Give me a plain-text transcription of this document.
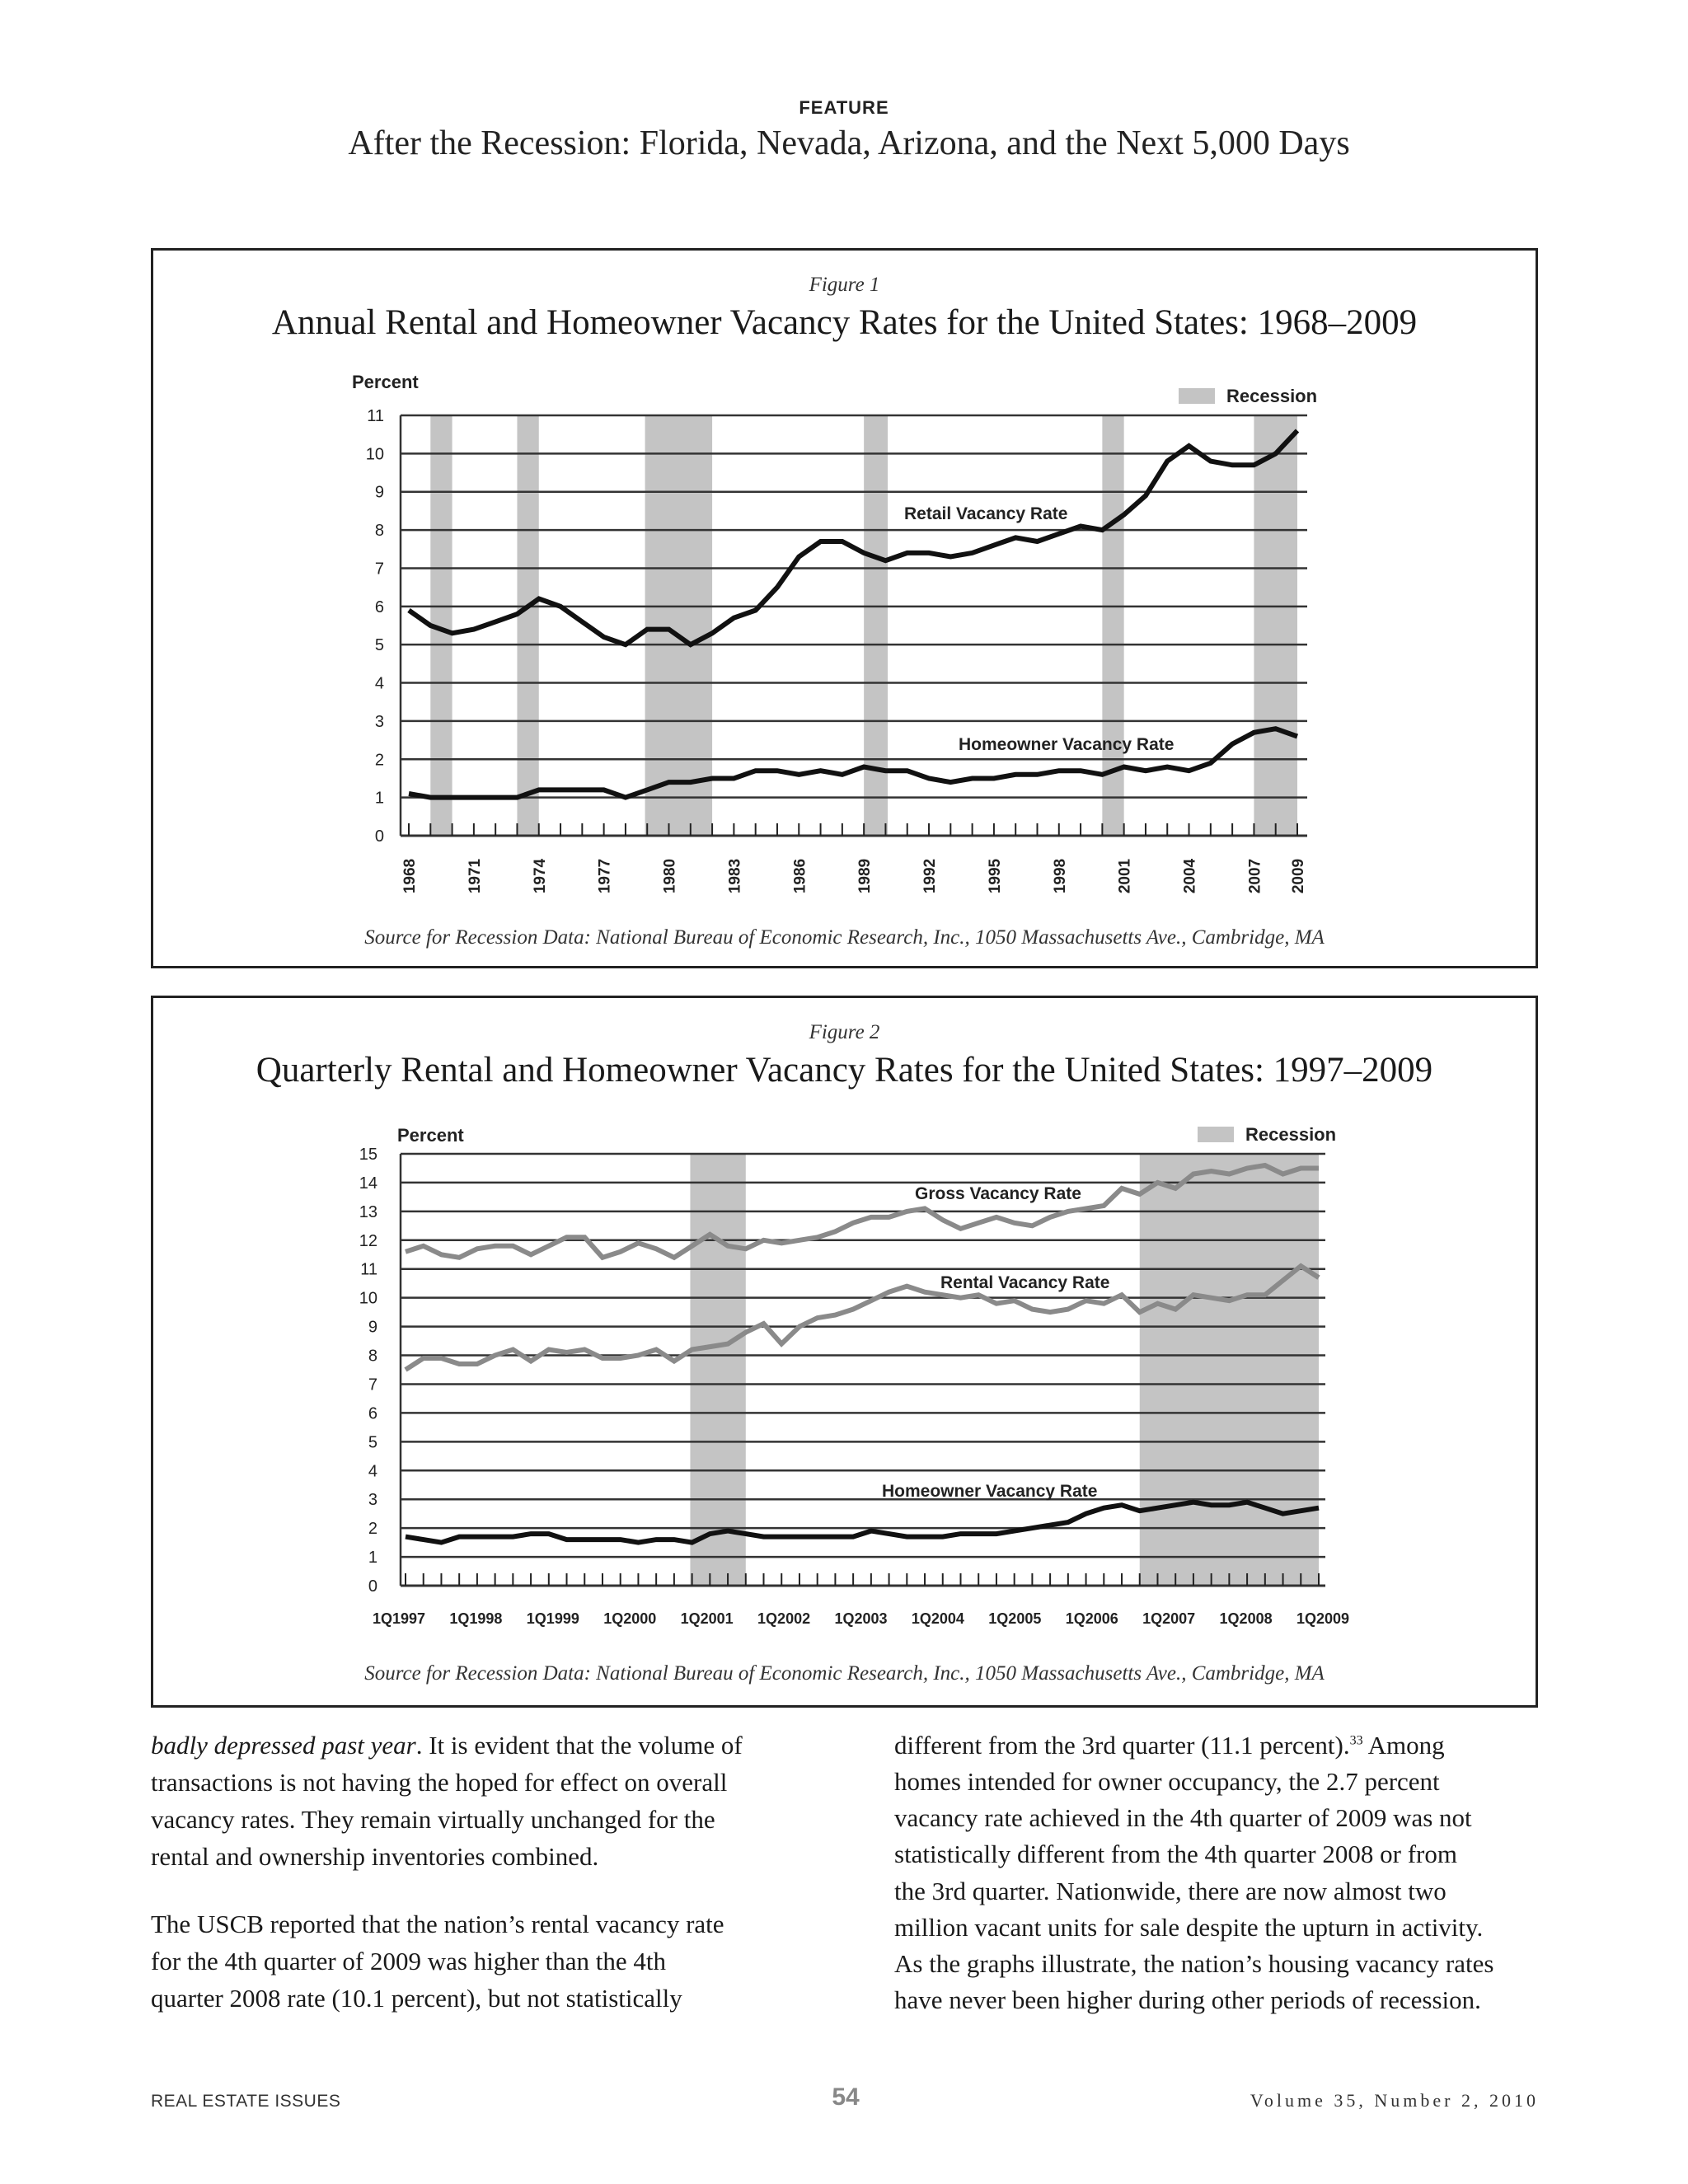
FEATURE
After the Recession: Florida, Nevada, Arizona, and the Next 5,000 Days
Figure 1
Annual Rental and Homeowner Vacancy Rates for the United States: 1968–2009
Source for Recession Data: National Bureau of Economic Research, Inc., 1050 Massachusetts Ave., Cambridge, MA
Figure 2
Quarterly Rental and Homeowner Vacancy Rates for the United States: 1997–2009
Source for Recession Data: National Bureau of Economic Research, Inc., 1050 Massachusetts Ave., Cambridge, MA
0
1
2
3
4
5
6
7
8
9
10
11
Percent
Recession
Retail Vacancy Rate
Homeowner Vacancy Rate
1968	1971	1974	1977	1980	1983	1986	1989	1992	1995	1998	2001	2004	2007 2009
0
1
2
3
4
5
6
7
8
9
10
11
12
13
14
15
Percent	Recession
Gross Vacancy Rate
Rental Vacancy Rate
Homeowner Vacancy Rate
1Q1997 1Q1998 1Q1999 1Q2000 1Q2001 1Q2002 1Q2003 1Q2004 1Q2005 1Q2006 1Q2007 1Q2008 1Q2009
badly depressed past year. It is evident that the volume of
transactions is not having the hoped for effect on overall
vacancy rates. They remain virtually unchanged for the
rental and ownership inventories combined.
The USCB reported that the nation’s rental vacancy rate
for the 4th quarter of 2009 was higher than the 4th
quarter 2008 rate (10.1 percent), but not statistically
different from the 3rd quarter (11.1 percent).$^{33}$ Among
homes intended for owner occupancy, the 2.7 percent
vacancy rate achieved in the 4th quarter of 2009 was not
statistically different from the 4th quarter 2008 or from
the 3rd quarter. Nationwide, there are now almost two
million vacant units for sale despite the upturn in activity.
As the graphs illustrate, the nation’s housing vacancy rates
have never been higher during other periods of recession.
REAL ESTATE ISSUES	54	Volume 35, Number 2, 2010
